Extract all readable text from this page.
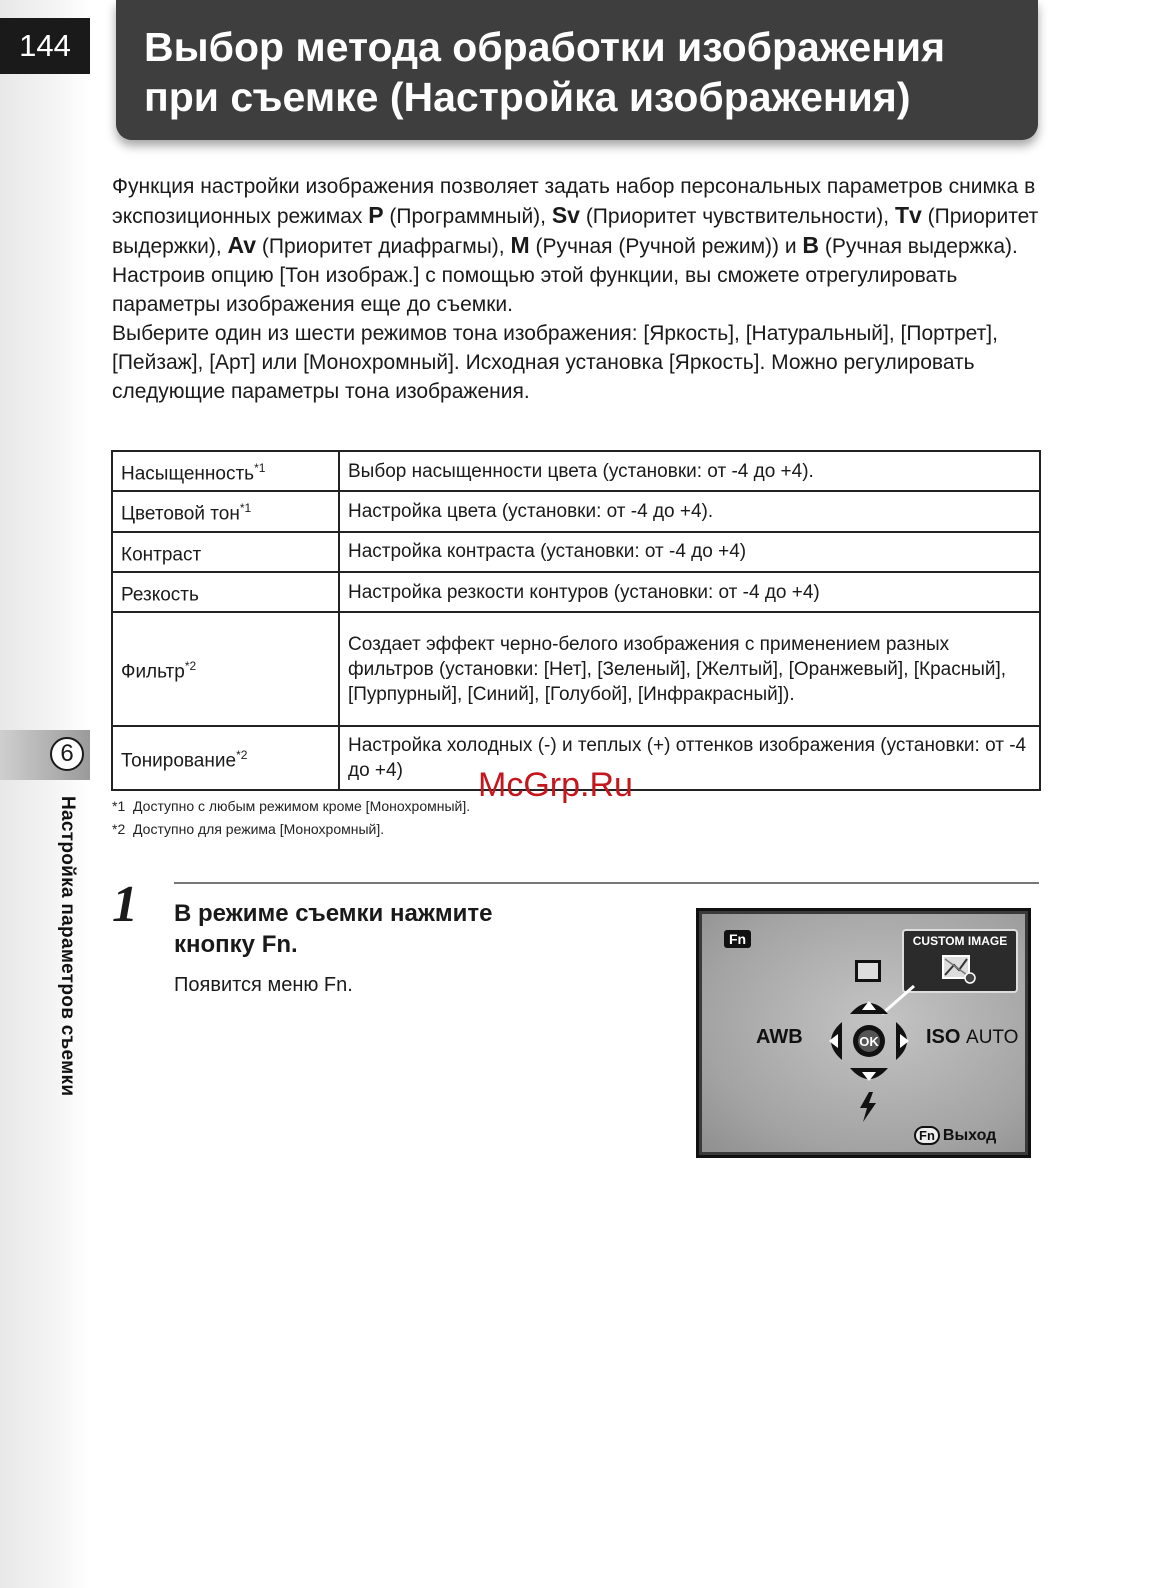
144
6
Настройка параметров съемки
Выбор метода обработки изображения
при съемке (Настройка изображения)

Функция настройки изображения позволяет задать набор персональных параметров снимка в экспозиционных режимах P (Программный), Sv (Приоритет чувствительности), Tv (Приоритет выдержки), Av (Приоритет диафрагмы), M (Ручная (Ручной режим)) и B (Ручная выдержка). Настроив опцию [Тон изображ.] с помощью этой функции, вы сможете отрегулировать параметры изображения еще до съемки.

Выберите один из шести режимов тона изображения: [Яркость], [Натуральный], [Портрет], [Пейзаж], [Арт] или [Монохромный]. Исходная установка [Яркость]. Можно регулировать следующие параметры тона изображения.

Насыщенность$^{*1}$	Выбор насыщенности цвета (установки: от -4 до +4).
Цветовой тон$^{*1}$	Настройка цвета (установки: от -4 до +4).
Контраст	Настройка контраста (установки: от -4 до +4)
Резкость	Настройка резкости контуров (установки: от -4 до +4)
Фильтр$^{*2}$	Создает эффект черно-белого изображения с применением разных фильтров (установки: [Нет], [Зеленый], [Желтый], [Оранжевый], [Красный], [Пурпурный], [Синий], [Голубой], [Инфракрасный]).
Тонирование$^{*2}$	Настройка холодных (-) и теплых (+) оттенков изображения (установки: от -4 до +4)
*1  Доступно с любым режимом кроме [Монохромный].
*2  Доступно для режима [Монохромный].
McGrp.Ru
1 В режиме съемки нажмите
кнопку Fn.
Появится меню Fn.
Fn	CUSTOM IMAGE
OK
AWB	ISO AUTO
Fn Выход
